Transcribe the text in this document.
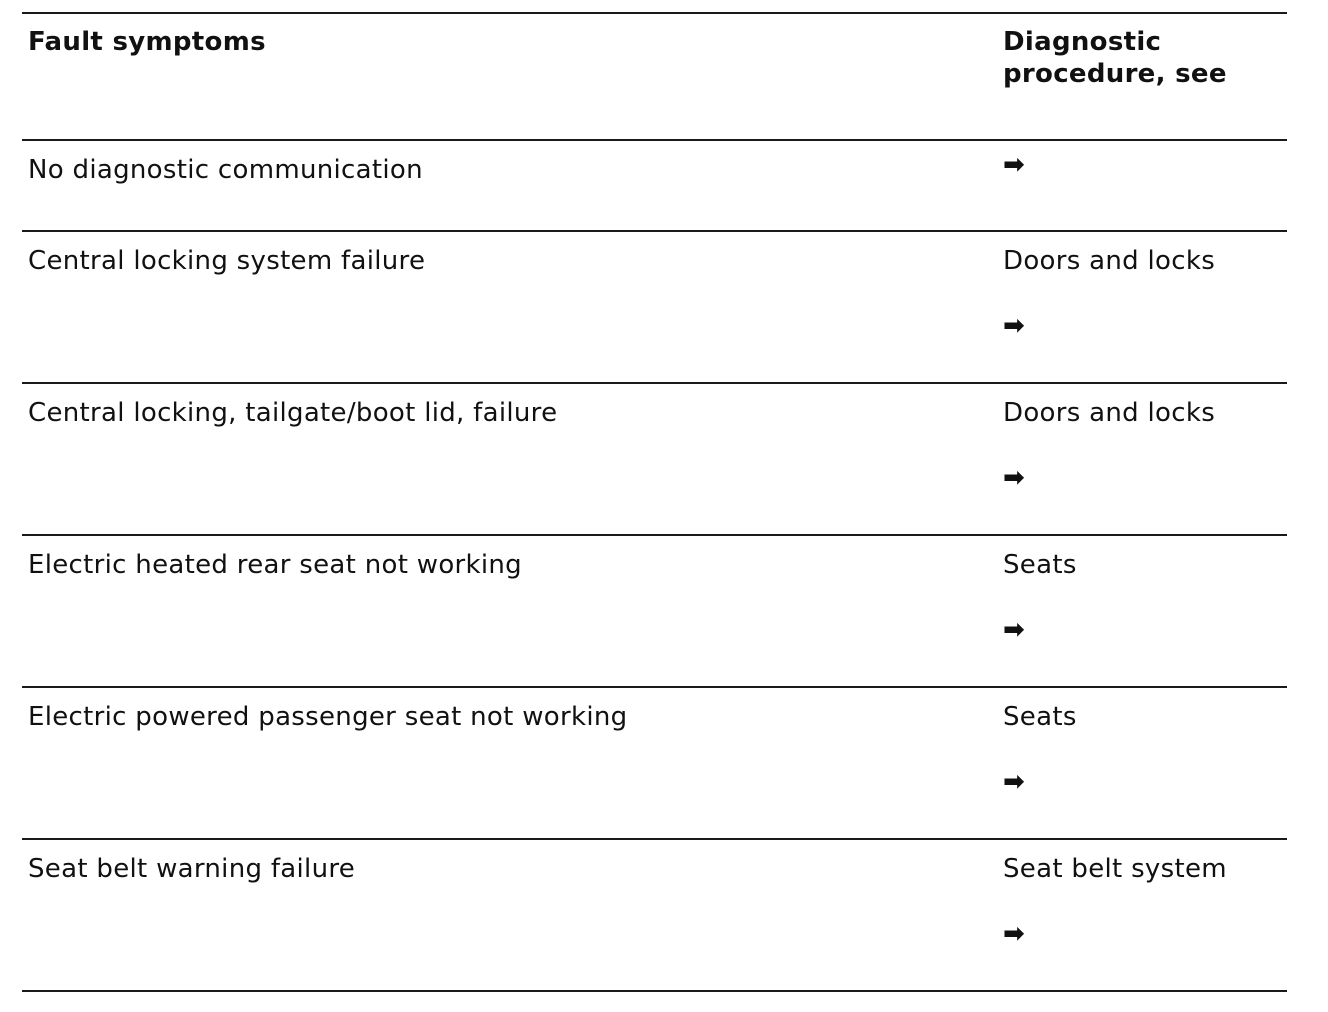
Fault symptoms	Diagnostic procedure, see
No diagnostic communication	➡
Central locking system failure	Doors and locks
➡
Central locking, tailgate/boot lid, failure	Doors and locks
➡
Electric heated rear seat not working	Seats
➡
Electric powered passenger seat not working	Seats
➡
Seat belt warning failure	Seat belt system
➡
